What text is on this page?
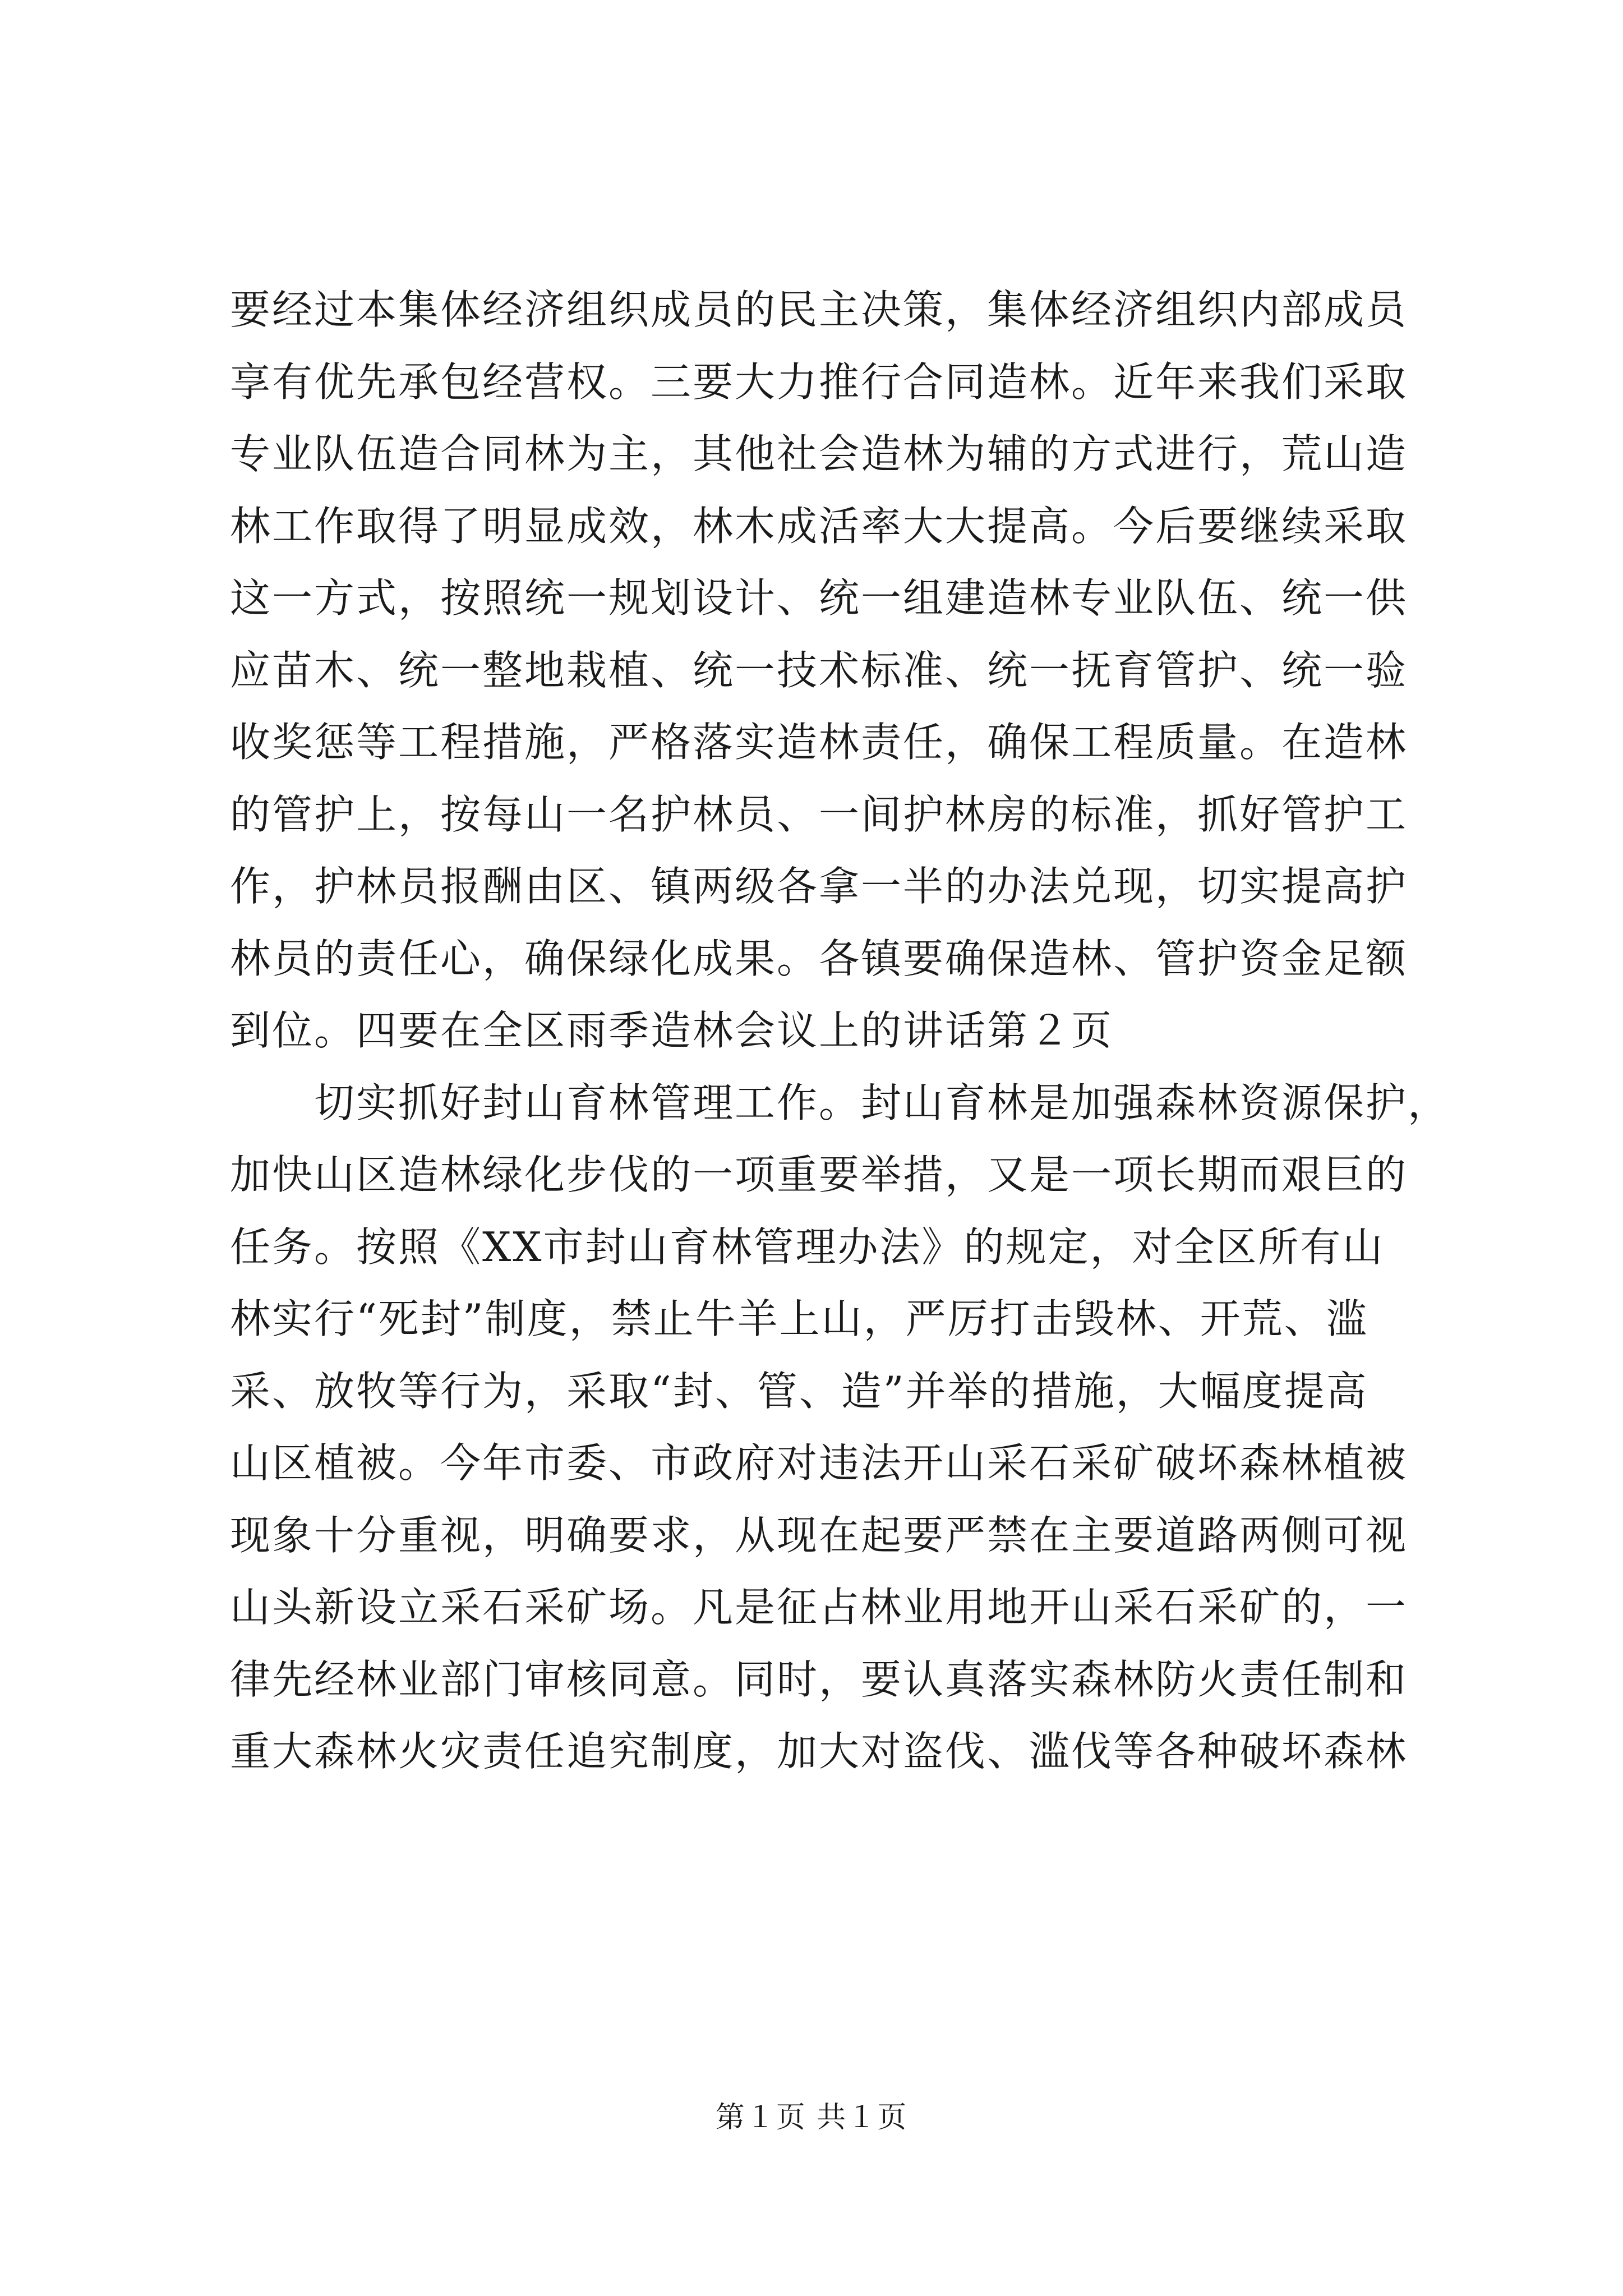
要经过本集体经济组织成员的民主决策，集体经济组织内部成员
享有优先承包经营权。三要大力推行合同造林。近年来我们采取
专业队伍造合同林为主，其他社会造林为辅的方式进行，荒山造
林工作取得了明显成效，林木成活率大大提高。今后要继续采取
这一方式，按照统一规划设计、统一组建造林专业队伍、统一供
应苗木、统一整地栽植、统一技术标准、统一抚育管护、统一验
收奖惩等工程措施，严格落实造林责任，确保工程质量。在造林
的管护上，按每山一名护林员、一间护林房的标准，抓好管护工
作，护林员报酬由区、镇两级各拿一半的办法兑现，切实提高护
林员的责任心，确保绿化成果。各镇要确保造林、管护资金足额
到位。四要在全区雨季造林会议上的讲话第２页
　　切实抓好封山育林管理工作。封山育林是加强森林资源保护，
加快山区造林绿化步伐的一项重要举措，又是一项长期而艰巨的
任务。按照《XX市封山育林管理办法》的规定，对全区所有山
林实行“死封”制度，禁止牛羊上山，严厉打击毁林、开荒、滥
采、放牧等行为，采取“封、管、造”并举的措施，大幅度提高
山区植被。今年市委、市政府对违法开山采石采矿破坏森林植被
现象十分重视，明确要求，从现在起要严禁在主要道路两侧可视
山头新设立采石采矿场。凡是征占林业用地开山采石采矿的，一
律先经林业部门审核同意。同时，要认真落实森林防火责任制和
重大森林火灾责任追究制度，加大对盗伐、滥伐等各种破坏森林
第１页 共１页
